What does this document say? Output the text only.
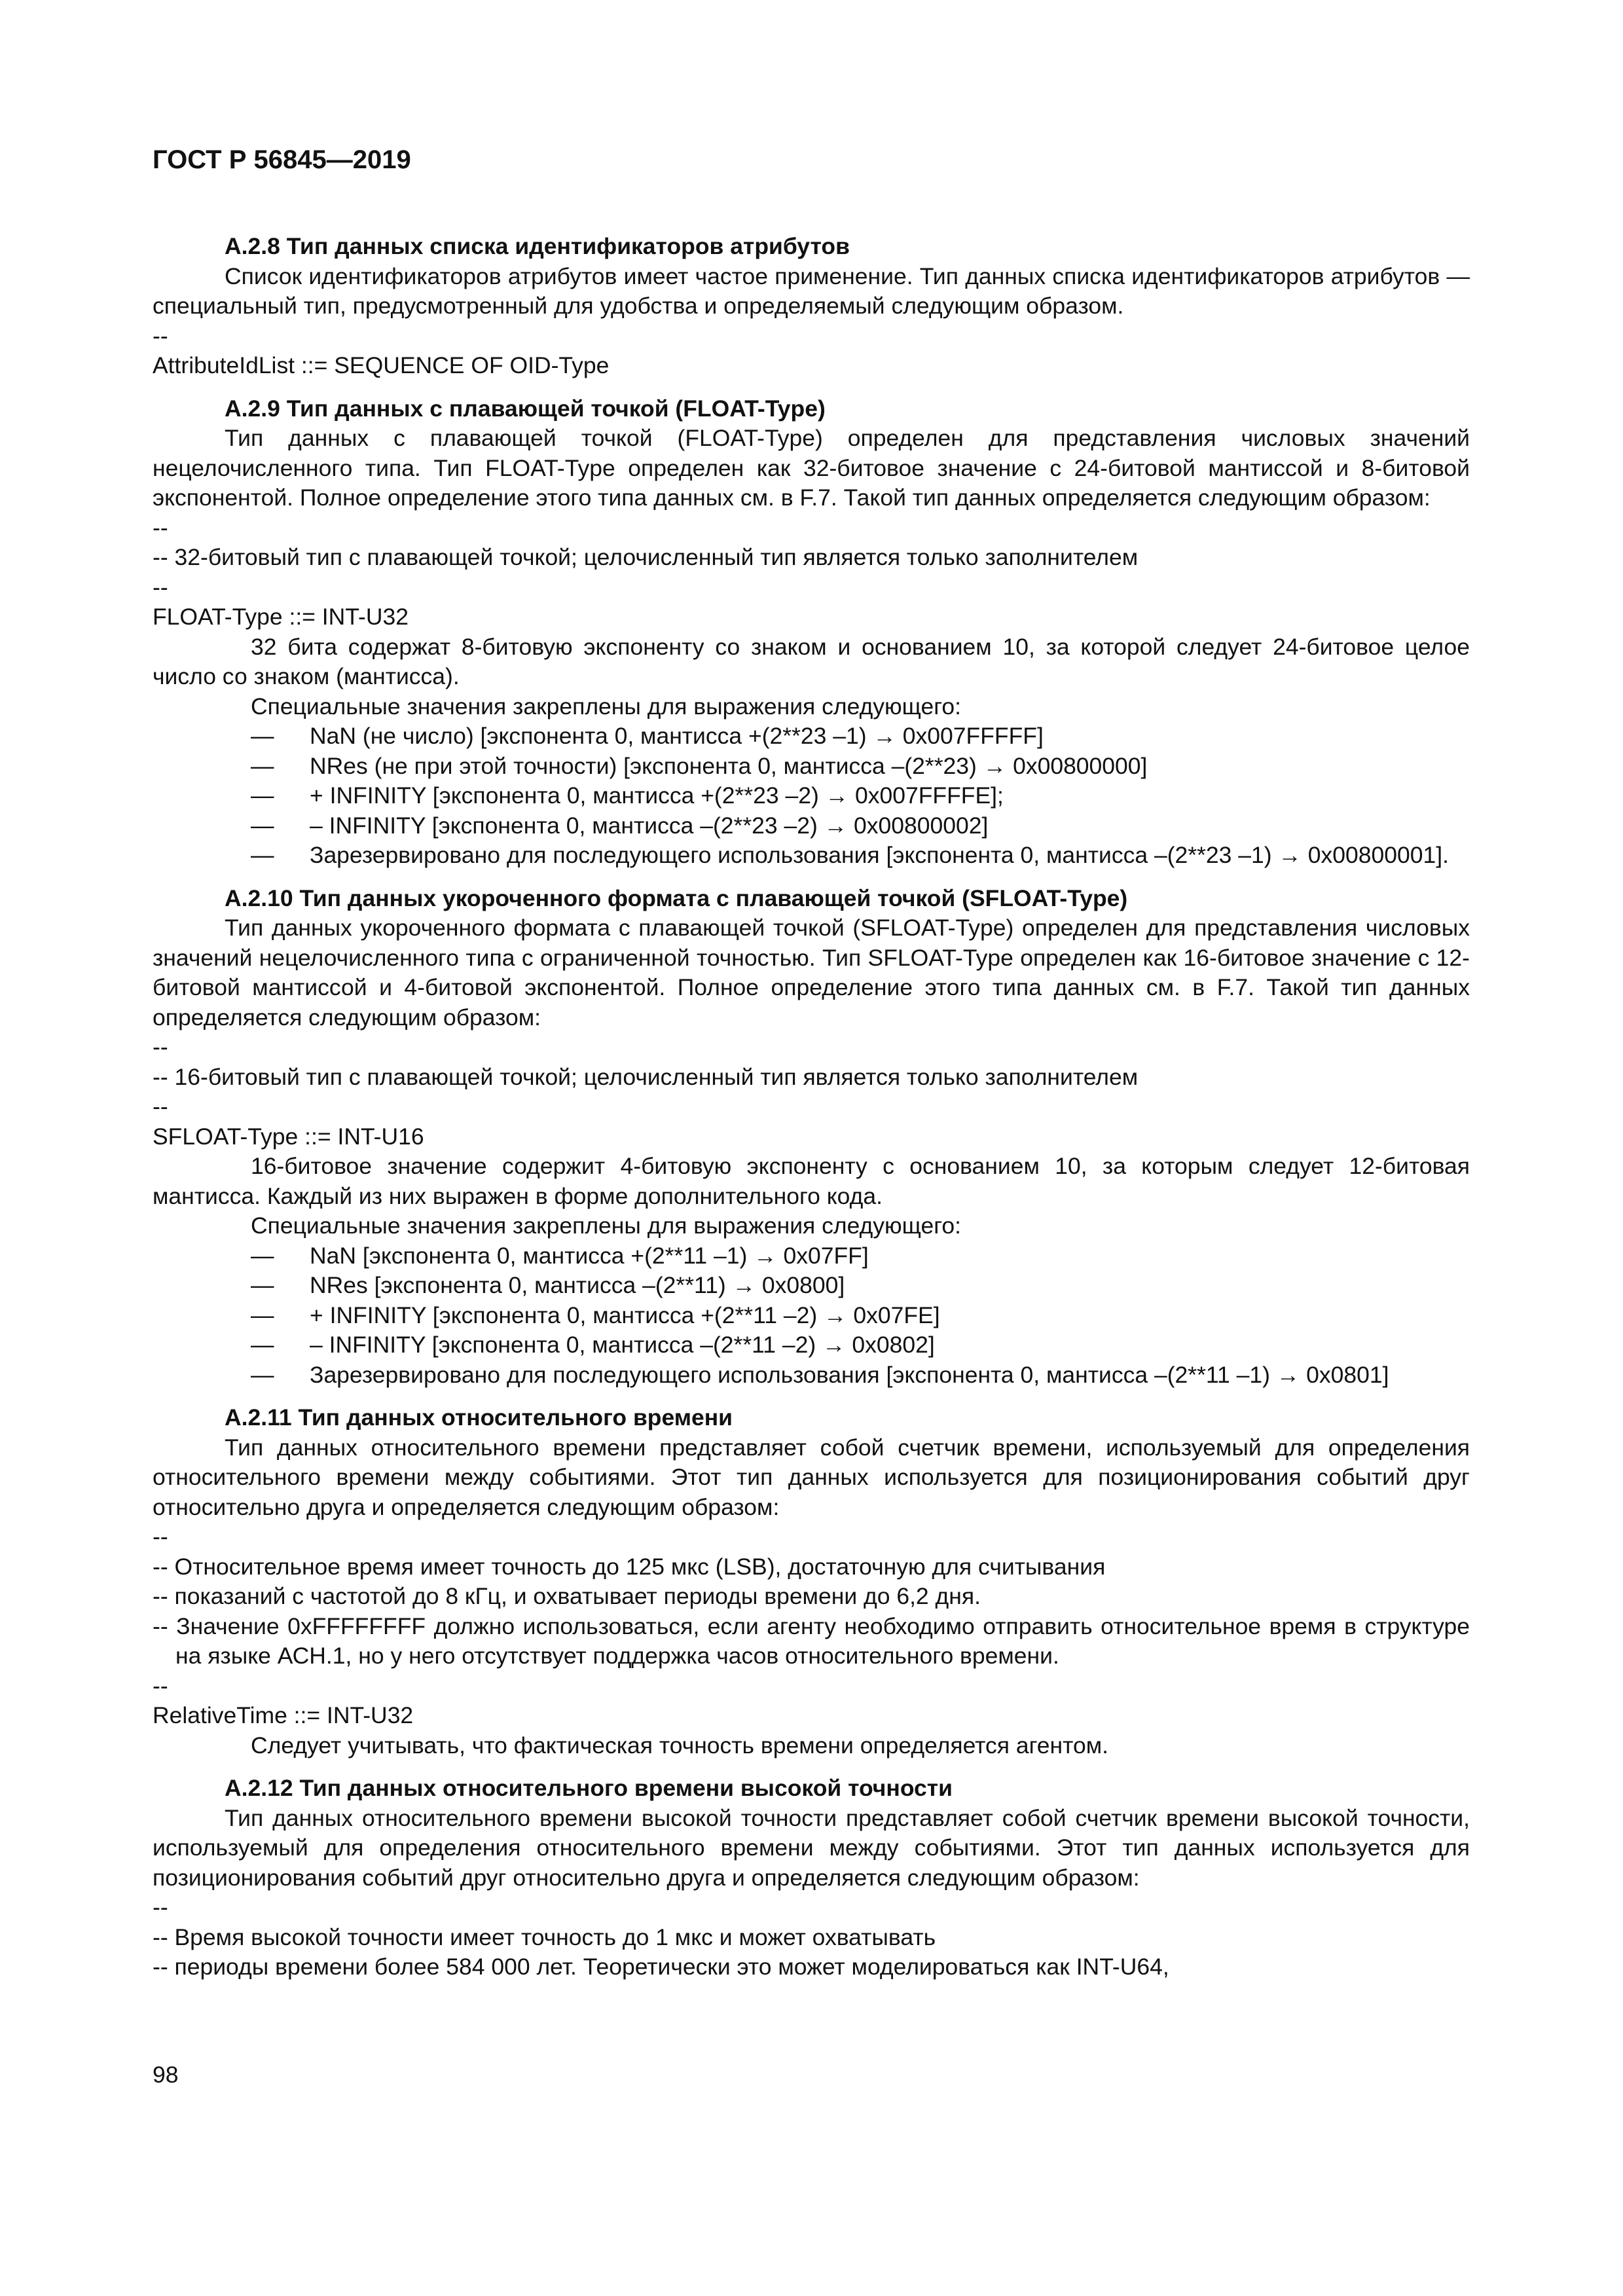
ГОСТ Р 56845—2019
А.2.8 Тип данных списка идентификаторов атрибутов

Список идентификаторов атрибутов имеет частое применение. Тип данных списка идентификаторов атрибутов — специальный тип, предусмотренный для удобства и определяемый следующим образом.

--
AttributeIdList ::= SEQUENCE OF OID-Type
А.2.9 Тип данных с плавающей точкой (FLOAT-Type)

Тип данных с плавающей точкой (FLOAT-Type) определен для представления числовых значений нецелочисленного типа. Тип FLOAT-Type определен как 32-битовое значение с 24-битовой мантиссой и 8-битовой экспонентой. Полное определение этого типа данных см. в F.7. Такой тип данных определяется следующим образом:

--
-- 32-битовый тип с плавающей точкой; целочисленный тип является только заполнителем
--
FLOAT-Type ::= INT-U32

32 бита содержат 8-битовую экспоненту со знаком и основанием 10, за которой следует 24-битовое целое число со знаком (мантисса).

Специальные значения закреплены для выражения следующего:
— NaN (не число) [экспонента 0, мантисса +(2**23 –1) → 0x007FFFFF]
— NRes (не при этой точности) [экспонента 0, мантисса –(2**23) → 0x00800000]
— + INFINITY [экспонента 0, мантисса +(2**23 –2) → 0x007FFFFE];
— – INFINITY [экспонента 0, мантисса –(2**23 –2) → 0x00800002]
— Зарезервировано для последующего использования [экспонента 0, мантисса –(2**23 –1) → 0x00800001].
А.2.10 Тип данных укороченного формата с плавающей точкой (SFLOAT-Type)

Тип данных укороченного формата с плавающей точкой (SFLOAT-Type) определен для представления числовых значений нецелочисленного типа с ограниченной точностью. Тип SFLOAT-Type определен как 16-битовое значение с 12-битовой мантиссой и 4-битовой экспонентой. Полное определение этого типа данных см. в F.7. Такой тип данных определяется следующим образом:

--
-- 16-битовый тип с плавающей точкой; целочисленный тип является только заполнителем
--
SFLOAT-Type ::= INT-U16

16-битовое значение содержит 4-битовую экспоненту с основанием 10, за которым следует 12-битовая мантисса. Каждый из них выражен в форме дополнительного кода.

Специальные значения закреплены для выражения следующего:
— NaN [экспонента 0, мантисса +(2**11 –1) → 0x07FF]
— NRes [экспонента 0, мантисса –(2**11) → 0x0800]
— + INFINITY [экспонента 0, мантисса +(2**11 –2) → 0x07FE]
— – INFINITY [экспонента 0, мантисса –(2**11 –2) → 0x0802]
— Зарезервировано для последующего использования [экспонента 0, мантисса –(2**11 –1) → 0x0801]
А.2.11 Тип данных относительного времени

Тип данных относительного времени представляет собой счетчик времени, используемый для определения относительного времени между событиями. Этот тип данных используется для позиционирования событий друг относительно друга и определяется следующим образом:

--
-- Относительное время имеет точность до 125 мкс (LSB), достаточную для считывания
-- показаний с частотой до 8 кГц, и охватывает периоды времени до 6,2 дня.
-- Значение 0xFFFFFFFF должно использоваться, если агенту необходимо отправить относительное время в структуре на языке АСН.1, но у него отсутствует поддержка часов относительного времени.
--
RelativeTime ::= INT-U32
Следует учитывать, что фактическая точность времени определяется агентом.
А.2.12 Тип данных относительного времени высокой точности

Тип данных относительного времени высокой точности представляет собой счетчик времени высокой точности, используемый для определения относительного времени между событиями. Этот тип данных используется для позиционирования событий друг относительно друга и определяется следующим образом:

--
-- Время высокой точности имеет точность до 1 мкс и может охватывать
-- периоды времени более 584 000 лет. Теоретически это может моделироваться как INT-U64,
98
